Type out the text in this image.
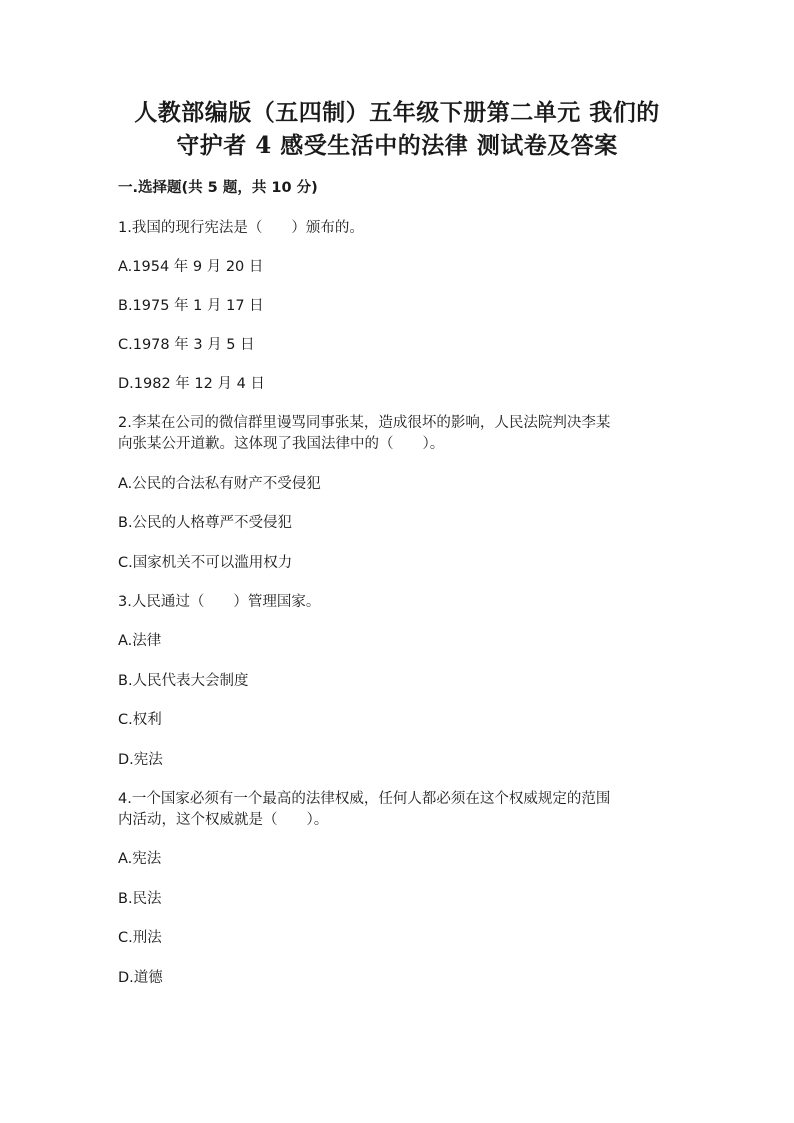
人教部编版（五四制）五年级下册第二单元 我们的
守护者 4 感受生活中的法律 测试卷及答案
一.选择题(共 5 题，共 10 分)
1.我国的现行宪法是（　　）颁布的。
A.1954 年 9 月 20 日
B.1975 年 1 月 17 日
C.1978 年 3 月 5 日
D.1982 年 12 月 4 日
2.李某在公司的微信群里谩骂同事张某，造成很坏的影响，人民法院判决李某
向张某公开道歉。这体现了我国法律中的（　　）。
A.公民的合法私有财产不受侵犯
B.公民的人格尊严不受侵犯
C.国家机关不可以滥用权力
3.人民通过（　　）管理国家。
A.法律
B.人民代表大会制度
C.权利
D.宪法
4.一个国家必须有一个最高的法律权威，任何人都必须在这个权威规定的范围
内活动，这个权威就是（　　）。
A.宪法
B.民法
C.刑法
D.道德
